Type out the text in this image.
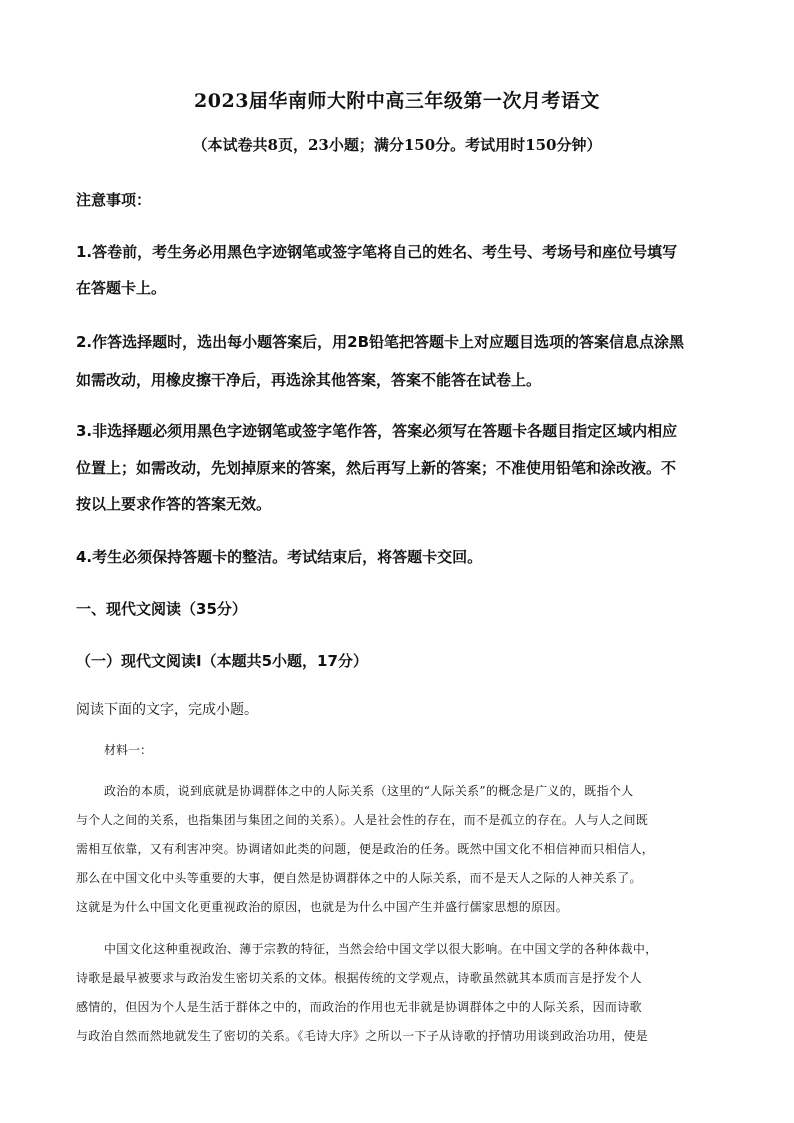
2023届华南师大附中高三年级第一次月考语文
（本试卷共8页，23小题；满分150分。考试用时150分钟）
注意事项：
1.答卷前，考生务必用黑色字迹钢笔或签字笔将自己的姓名、考生号、考场号和座位号填写
在答题卡上。
2.作答选择题时，选出每小题答案后，用2B铅笔把答题卡上对应题目选项的答案信息点涂黑
如需改动，用橡皮擦干净后，再选涂其他答案，答案不能答在试卷上。
3.非选择题必须用黑色字迹钢笔或签字笔作答，答案必须写在答题卡各题目指定区域内相应
位置上；如需改动，先划掉原来的答案，然后再写上新的答案；不准使用铅笔和涂改液。不
按以上要求作答的答案无效。
4.考生必须保持答题卡的整洁。考试结束后，将答题卡交回。
一、现代文阅读（35分）
（一）现代文阅读Ⅰ（本题共5小题，17分）
阅读下面的文字，完成小题。
材料一：
政治的本质，说到底就是协调群体之中的人际关系（这里的“人际关系”的概念是广义的，既指个人
与个人之间的关系，也指集团与集团之间的关系）。人是社会性的存在，而不是孤立的存在。人与人之间既
需相互依靠，又有利害冲突。协调诸如此类的问题，便是政治的任务。既然中国文化不相信神而只相信人，
那么在中国文化中头等重要的大事，便自然是协调群体之中的人际关系，而不是天人之际的人神关系了。
这就是为什么中国文化更重视政治的原因，也就是为什么中国产生并盛行儒家思想的原因。
中国文化这种重视政治、薄于宗教的特征，当然会给中国文学以很大影响。在中国文学的各种体裁中，
诗歌是最早被要求与政治发生密切关系的文体。根据传统的文学观点，诗歌虽然就其本质而言是抒发个人
感情的，但因为个人是生活于群体之中的，而政治的作用也无非就是协调群体之中的人际关系，因而诗歌
与政治自然而然地就发生了密切的关系。《毛诗大序》之所以一下子从诗歌的抒情功用谈到政治功用，使是
